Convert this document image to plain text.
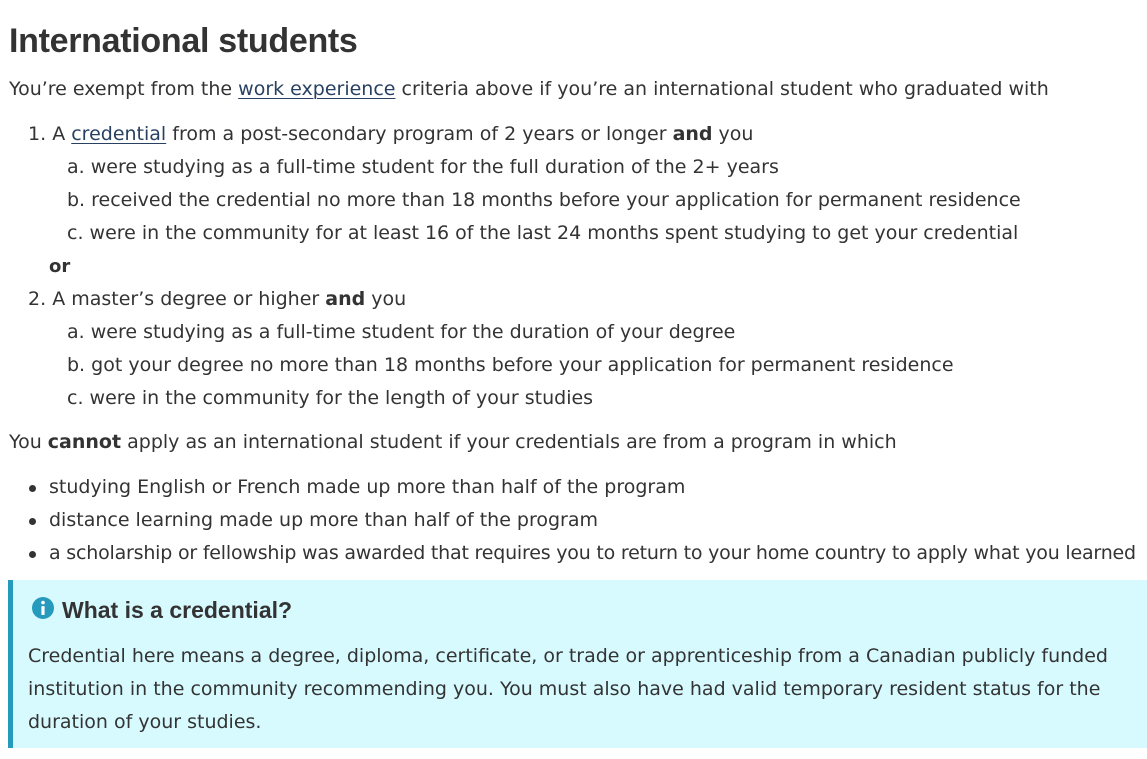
International students
You’re exempt from the work experience criteria above if you’re an international student who graduated with
1. A credential from a post-secondary program of 2 years or longer and you
a. were studying as a full-time student for the full duration of the 2+ years
b. received the credential no more than 18 months before your application for permanent residence
c. were in the community for at least 16 of the last 24 months spent studying to get your credential
or
2. A master’s degree or higher and you
a. were studying as a full-time student for the duration of your degree
b. got your degree no more than 18 months before your application for permanent residence
c. were in the community for the length of your studies
You cannot apply as an international student if your credentials are from a program in which
studying English or French made up more than half of the program
distance learning made up more than half of the program
a scholarship or fellowship was awarded that requires you to return to your home country to apply what you learned
What is a credential?
Credential here means a degree, diploma, certificate, or trade or apprenticeship from a Canadian publicly funded institution in the community recommending you. You must also have had valid temporary resident status for the duration of your studies.
